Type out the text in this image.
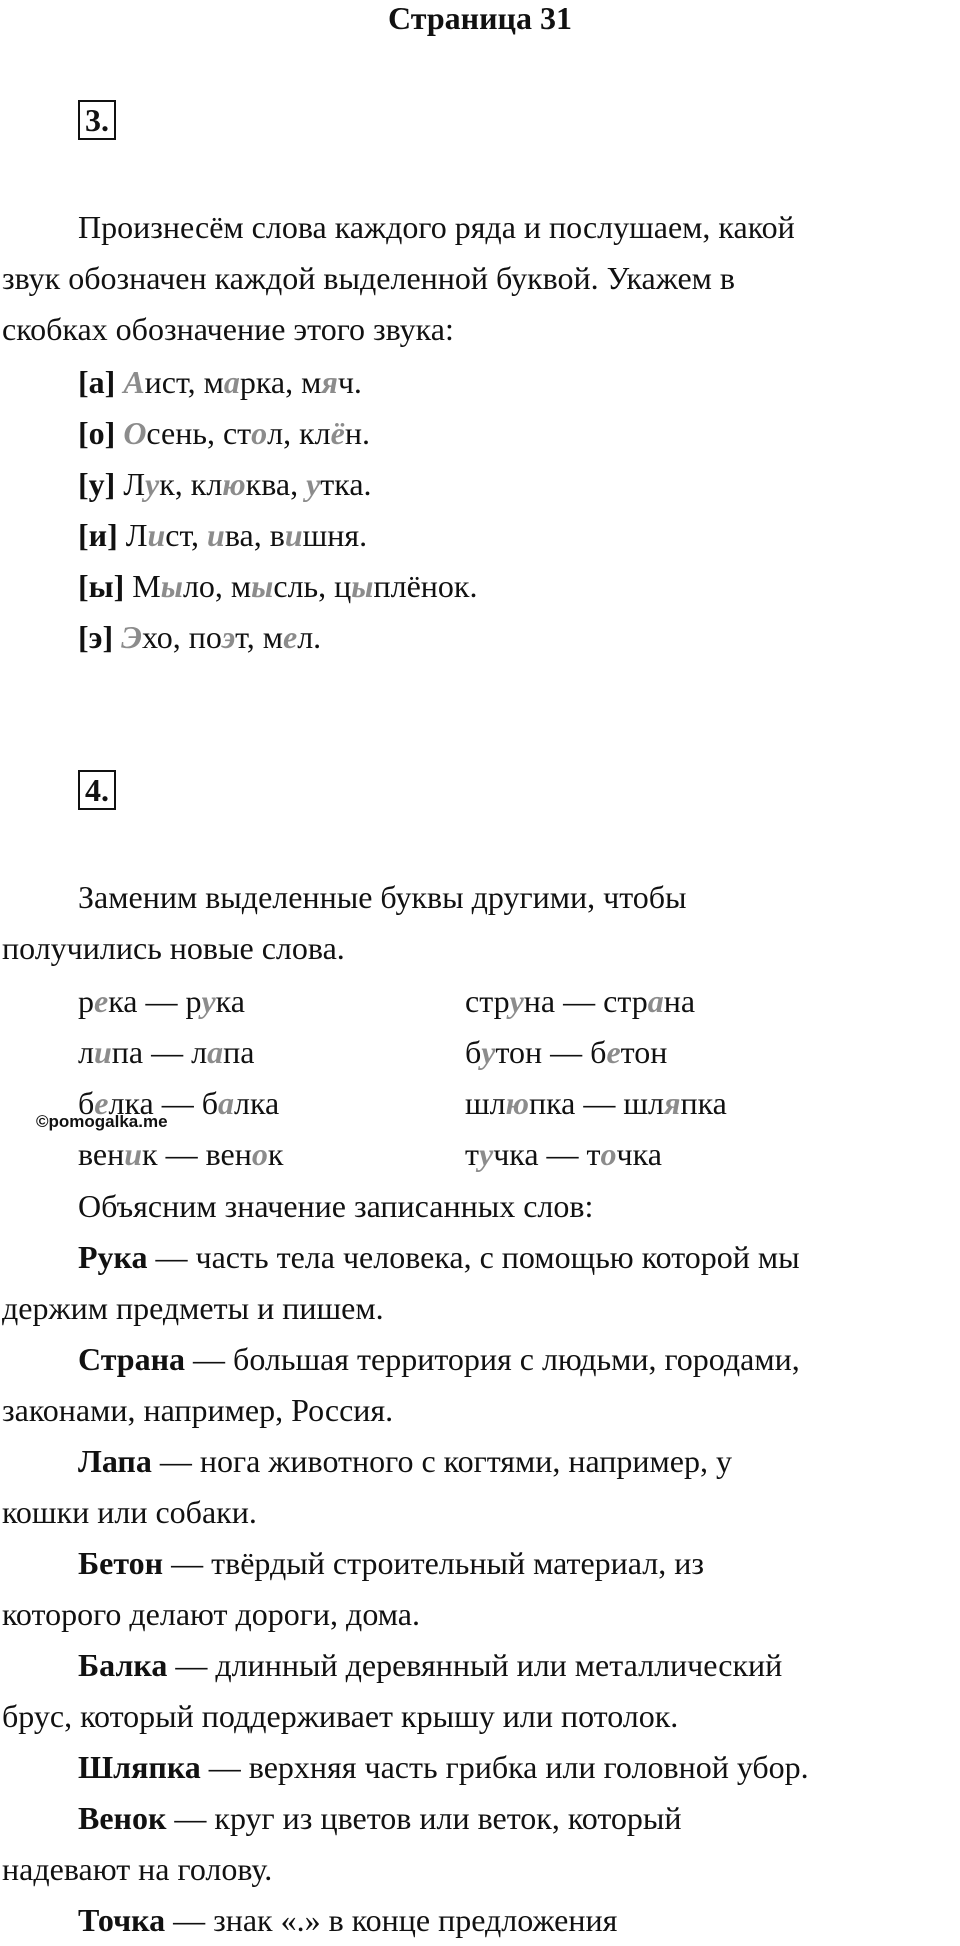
Страница 31
3.
Произнесём слова каждого ряда и послушаем, какой
звук обозначен каждой выделенной буквой. Укажем в
скобках обозначение этого звука:
[а] Аист, марка, мяч.
[о] Осень, стол, клён.
[у] Лук, клюква, утка.
[и] Лист, ива, вишня.
[ы] Мыло, мысль, цыплёнок.
[э] Эхо, поэт, мел.
4.
Заменим выделенные буквы другими, чтобы
получились новые слова.
река — рука
липа — лапа
белка — балка
веник — венок
струна — страна
бутон — бетон
шлюпка — шляпка
тучка — точка
©pomogalka.me
Объясним значение записанных слов:
Рука — часть тела человека, с помощью которой мы
держим предметы и пишем.
Страна — большая территория с людьми, городами,
законами, например, Россия.
Лапа — нога животного с когтями, например, у
кошки или собаки.
Бетон — твёрдый строительный материал, из
которого делают дороги, дома.
Балка — длинный деревянный или металлический
брус, который поддерживает крышу или потолок.
Шляпка — верхняя часть грибка или головной убор.
Венок — круг из цветов или веток, который
надевают на голову.
Точка — знак «.» в конце предложения
